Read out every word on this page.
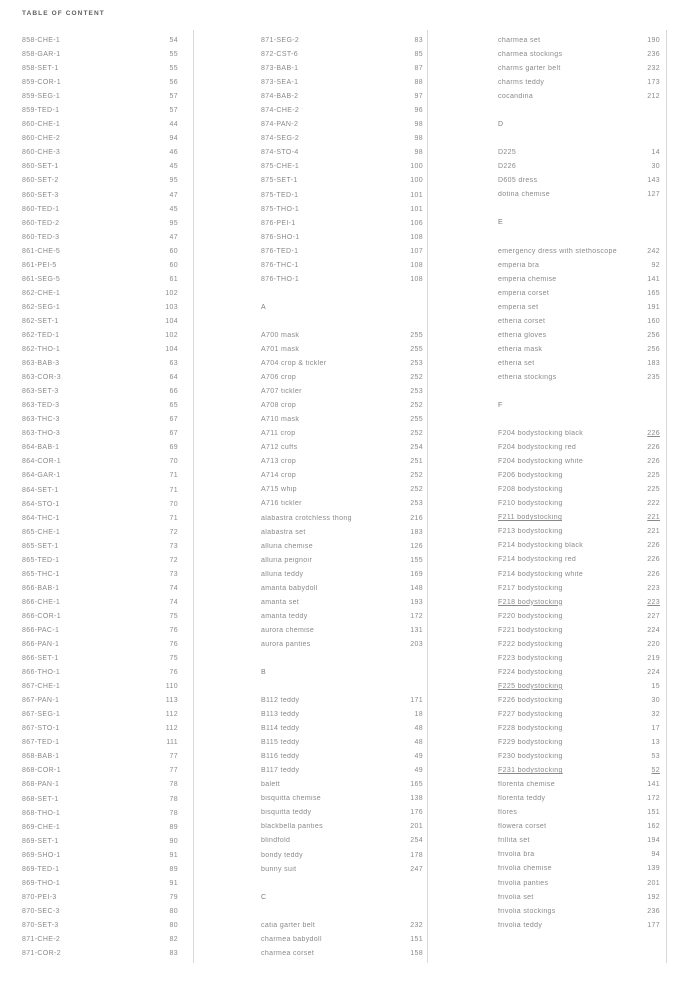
TABLE OF CONTENT
858-CHE-1	54
858-GAR-1	55
858-SET-1	55
859-COR-1	56
859-SEG-1	57
859-TED-1	57
860-CHE-1	44
860-CHE-2	94
860-CHE-3	46
860-SET-1	45
860-SET-2	95
860-SET-3	47
860-TED-1	45
860-TED-2	95
860-TED-3	47
861-CHE-5	60
861-PEI-5	60
861-SEG-5	61
862-CHE-1	102
862-SEG-1	103
862-SET-1	104
862-TED-1	102
862-THO-1	104
863-BAB-3	63
863-COR-3	64
863-SET-3	66
863-TED-3	65
863-THC-3	67
863-THO-3	67
864-BAB-1	69
864-COR-1	70
864-GAR-1	71
864-SET-1	71
864-STO-1	70
864-THC-1	71
865-CHE-1	72
865-SET-1	73
865-TED-1	72
865-THC-1	73
866-BAB-1	74
866-CHE-1	74
866-COR-1	75
866-PAC-1	76
866-PAN-1	76
866-SET-1	75
866-THO-1	76
867-CHE-1	110
867-PAN-1	113
867-SEG-1	112
867-STO-1	112
867-TED-1	111
868-BAB-1	77
868-COR-1	77
868-PAN-1	78
868-SET-1	78
868-THO-1	78
869-CHE-1	89
869-SET-1	90
869-SHO-1	91
869-TED-1	89
869-THO-1	91
870-PEI-3	79
870-SEC-3	80
870-SET-3	80
871-CHE-2	82
871-COR-2	83
871-SEG-2	83
872-CST-6	85
873-BAB-1	87
873-SEA-1	88
874-BAB-2	97
874-CHE-2	96
874-PAN-2	98
874-SEG-2	98
874-STO-4	98
875-CHE-1	100
875-SET-1	100
875-TED-1	101
875-THO-1	101
876-PEI-1	106
876-SHO-1	108
876-TED-1	107
876-THC-1	108
876-THO-1	108
A
A700 mask	255
A701 mask	255
A704 crop & tickler	253
A706 crop	252
A707 tickler	253
A708 crop	252
A710 mask	255
A711 crop	252
A712 cuffs	254
A713 crop	251
A714 crop	252
A715 whip	252
A716 tickler	253
alabastra crotchless thong	216
alabastra set	183
alluria chemise	126
alluria peignoir	155
alluria teddy	169
amanta babydoll	148
amanta set	193
amanta teddy	172
aurora chemise	131
aurora panties	203
B
B112 teddy	171
B113 teddy	18
B114 teddy	48
B115 teddy	48
B116 teddy	49
B117 teddy	49
balett	165
bisquitta chemise	138
bisquitta teddy	176
blackbella panties	201
blindfold	254
bondy teddy	178
bunny suit	247
C
catia garter belt	232
charmea babydoll	151
charmea corset	158
charmea set	190
charmea stockings	236
charms garter belt	232
charms teddy	173
cocandina	212
D
D225	14
D226	30
D605 dress	143
dotina chemise	127
E
emergency dress with stethoscope	242
emperia bra	92
emperia chemise	141
emperia corset	165
emperia set	191
etheria corset	160
etheria gloves	256
etheria mask	256
etheria set	183
etheria stockings	235
F
F204 bodystocking black	226
F204 bodystocking red	226
F204 bodystocking white	226
F206 bodystocking	225
F208 bodystocking	225
F210 bodystocking	222
F211 bodystocking	221
F213 bodystocking	221
F214 bodystocking black	226
F214 bodystocking red	226
F214 bodystocking white	226
F217 bodystocking	223
F218 bodystocking	223
F220 bodystocking	227
F221 bodystocking	224
F222 bodystocking	220
F223 bodystocking	219
F224 bodystocking	224
F225 bodystocking	15
F226 bodystocking	30
F227 bodystocking	32
F228 bodystocking	17
F229 bodystocking	13
F230 bodystocking	53
F231 bodystocking	52
florenta chemise	141
florenta teddy	172
flores	151
flowera corset	162
frillita set	194
frivolia bra	94
frivolia chemise	139
frivolia panties	201
frivolia set	192
frivolia stockings	236
frivolia teddy	177
